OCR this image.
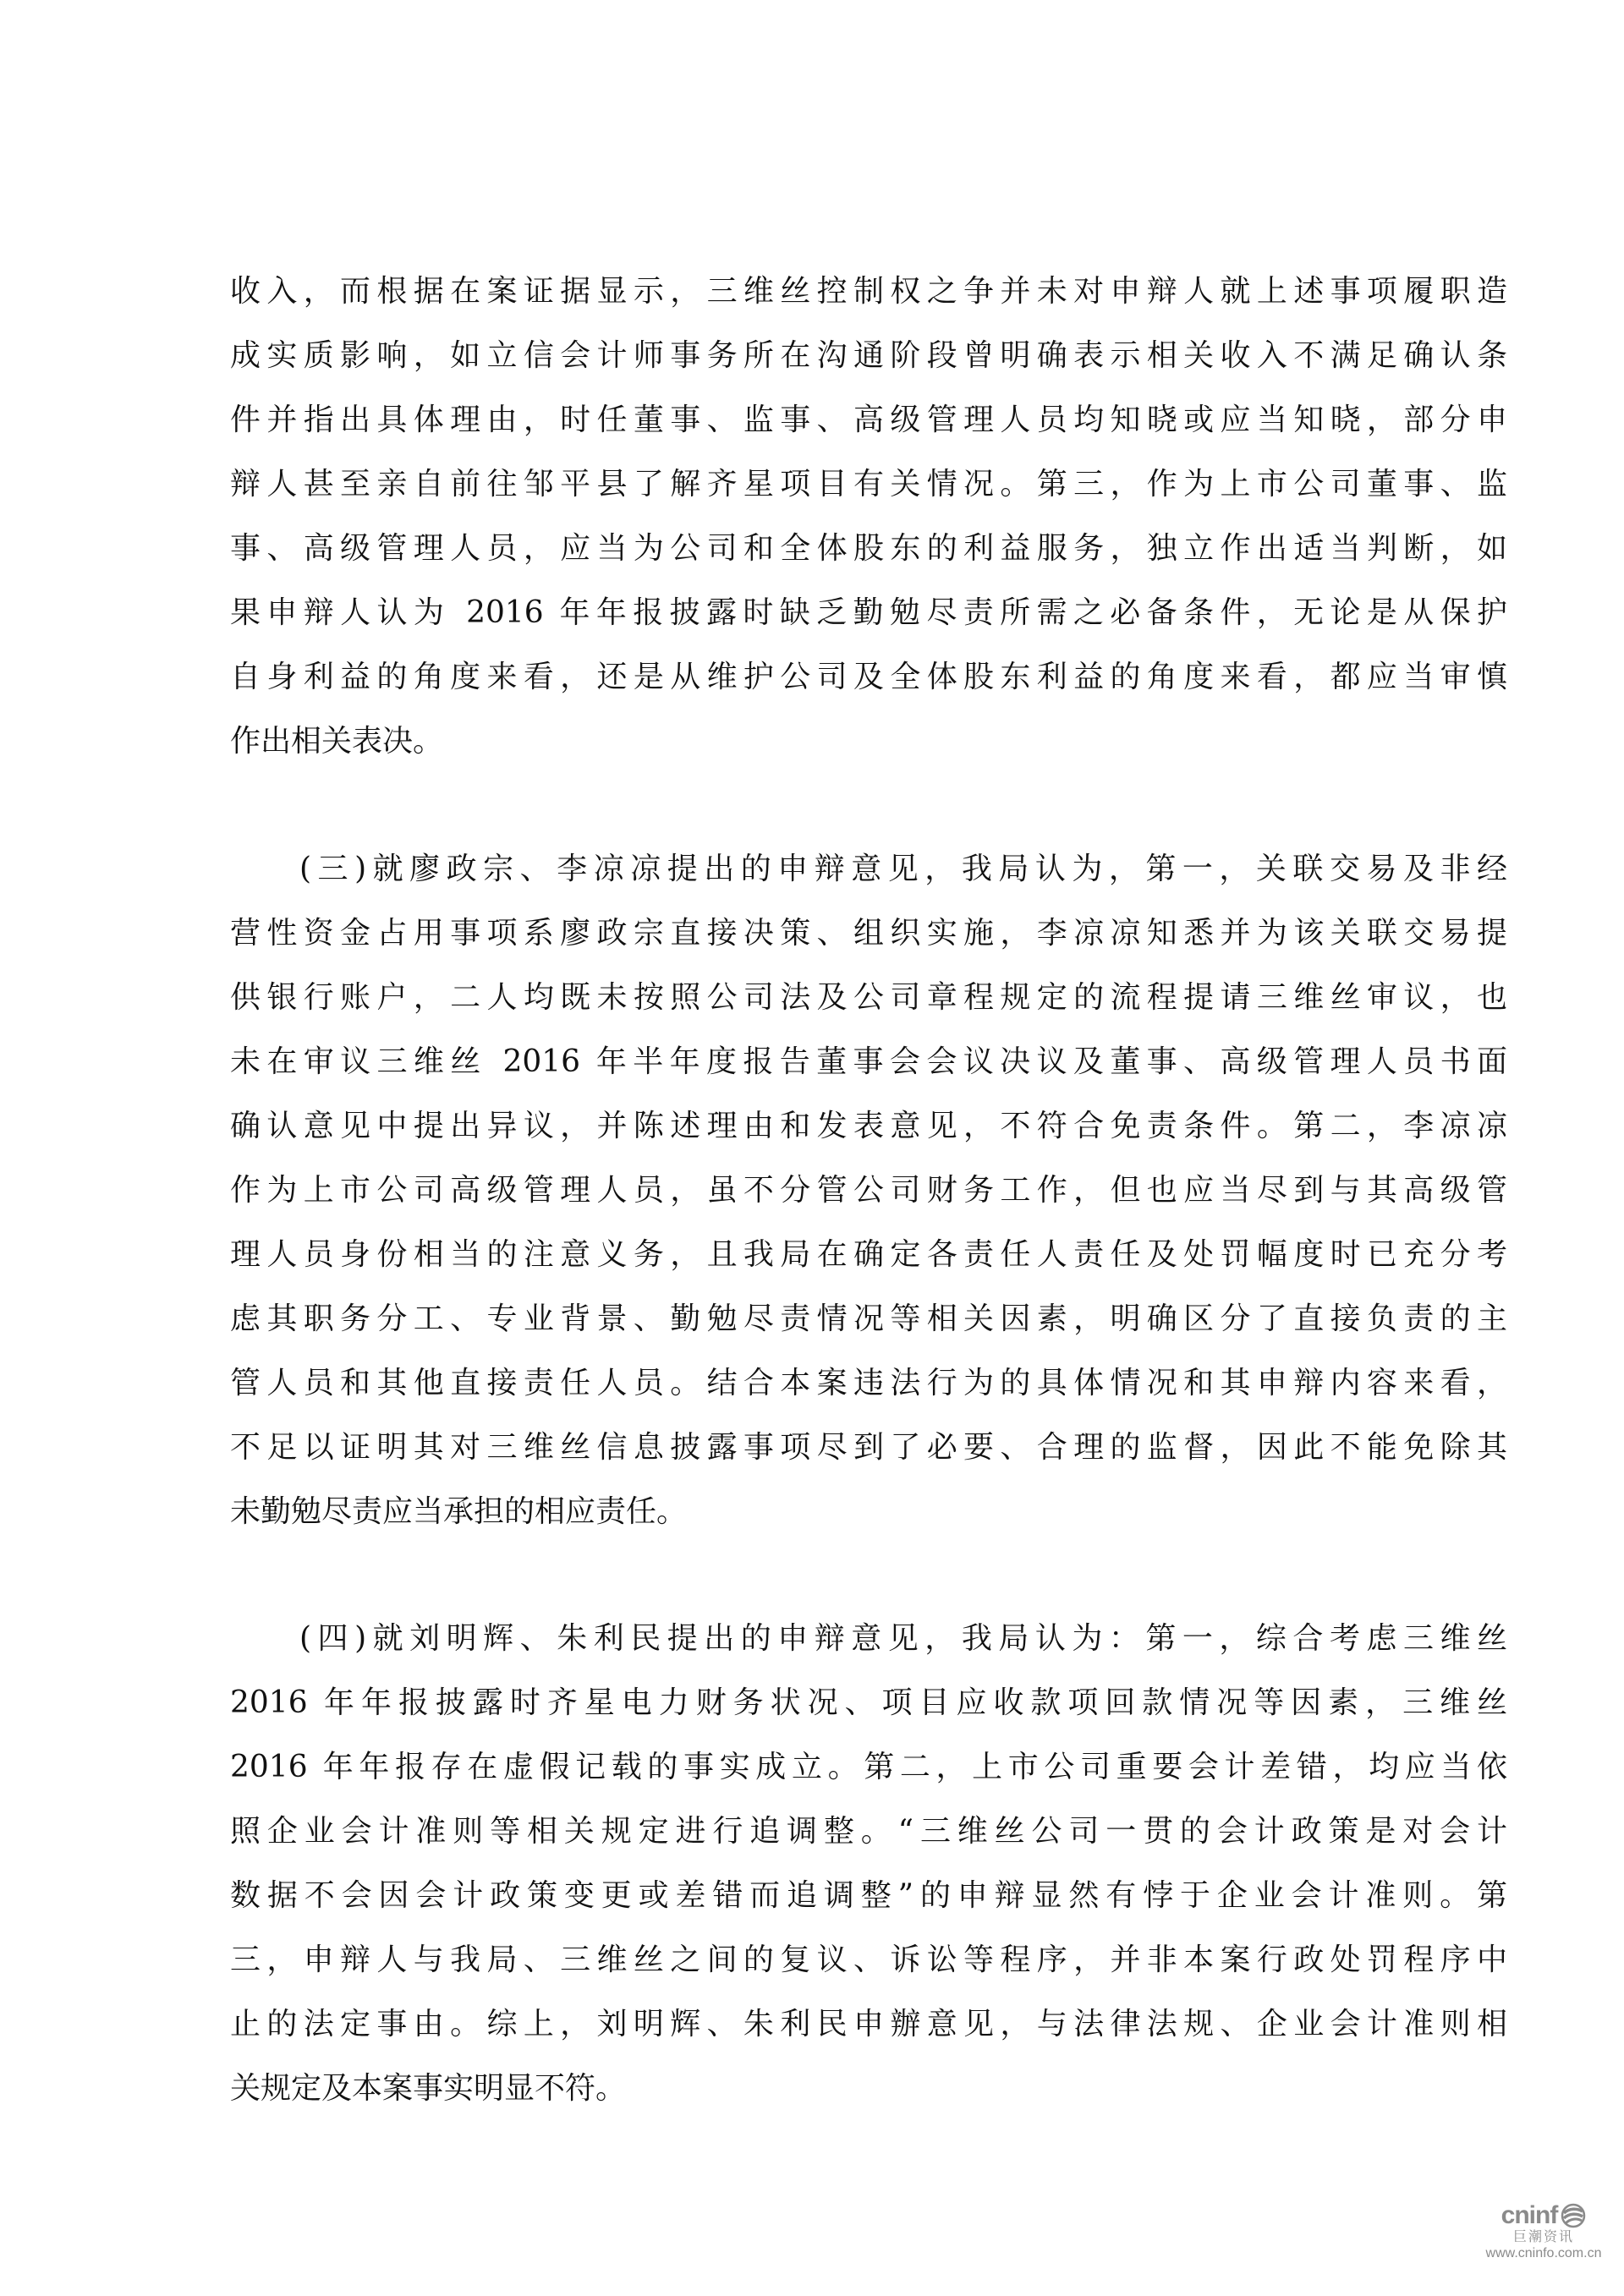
收入，而根据在案证据显示，三维丝控制权之争并未对申辩人就上述事项履职造
成实质影响，如立信会计师事务所在沟通阶段曾明确表示相关收入不满足确认条
件并指出具体理由，时任董事、监事、高级管理人员均知晓或应当知晓，部分申
辩人甚至亲自前往邹平县了解齐星项目有关情况。第三，作为上市公司董事、监
事、高级管理人员，应当为公司和全体股东的利益服务，独立作出适当判断，如
果申辩人认为 2016 年年报披露时缺乏勤勉尽责所需之必备条件，无论是从保护
自身利益的角度来看，还是从维护公司及全体股东利益的角度来看，都应当审慎
作出相关表决。
(三)就廖政宗、李凉凉提出的申辩意见，我局认为，第一，关联交易及非经
营性资金占用事项系廖政宗直接决策、组织实施，李凉凉知悉并为该关联交易提
供银行账户，二人均既未按照公司法及公司章程规定的流程提请三维丝审议，也
未在审议三维丝 2016 年半年度报告董事会会议决议及董事、高级管理人员书面
确认意见中提出异议，并陈述理由和发表意见，不符合免责条件。第二，李凉凉
作为上市公司高级管理人员，虽不分管公司财务工作，但也应当尽到与其高级管
理人员身份相当的注意义务，且我局在确定各责任人责任及处罚幅度时已充分考
虑其职务分工、专业背景、勤勉尽责情况等相关因素，明确区分了直接负责的主
管人员和其他直接责任人员。结合本案违法行为的具体情况和其申辩内容来看，
不足以证明其对三维丝信息披露事项尽到了必要、合理的监督，因此不能免除其
未勤勉尽责应当承担的相应责任。
(四)就刘明辉、朱利民提出的申辩意见，我局认为：第一，综合考虑三维丝
2016 年年报披露时齐星电力财务状况、项目应收款项回款情况等因素，三维丝
2016 年年报存在虚假记载的事实成立。第二，上市公司重要会计差错，均应当依
照企业会计准则等相关规定进行追调整。“三维丝公司一贯的会计政策是对会计
数据不会因会计政策变更或差错而追调整”的申辩显然有悖于企业会计准则。第
三，申辩人与我局、三维丝之间的复议、诉讼等程序，并非本案行政处罚程序中
止的法定事由。综上，刘明辉、朱利民申辦意见，与法律法规、企业会计准则相
关规定及本案事实明显不符。
cninf
巨潮资讯
www.cninfo.com.cn
